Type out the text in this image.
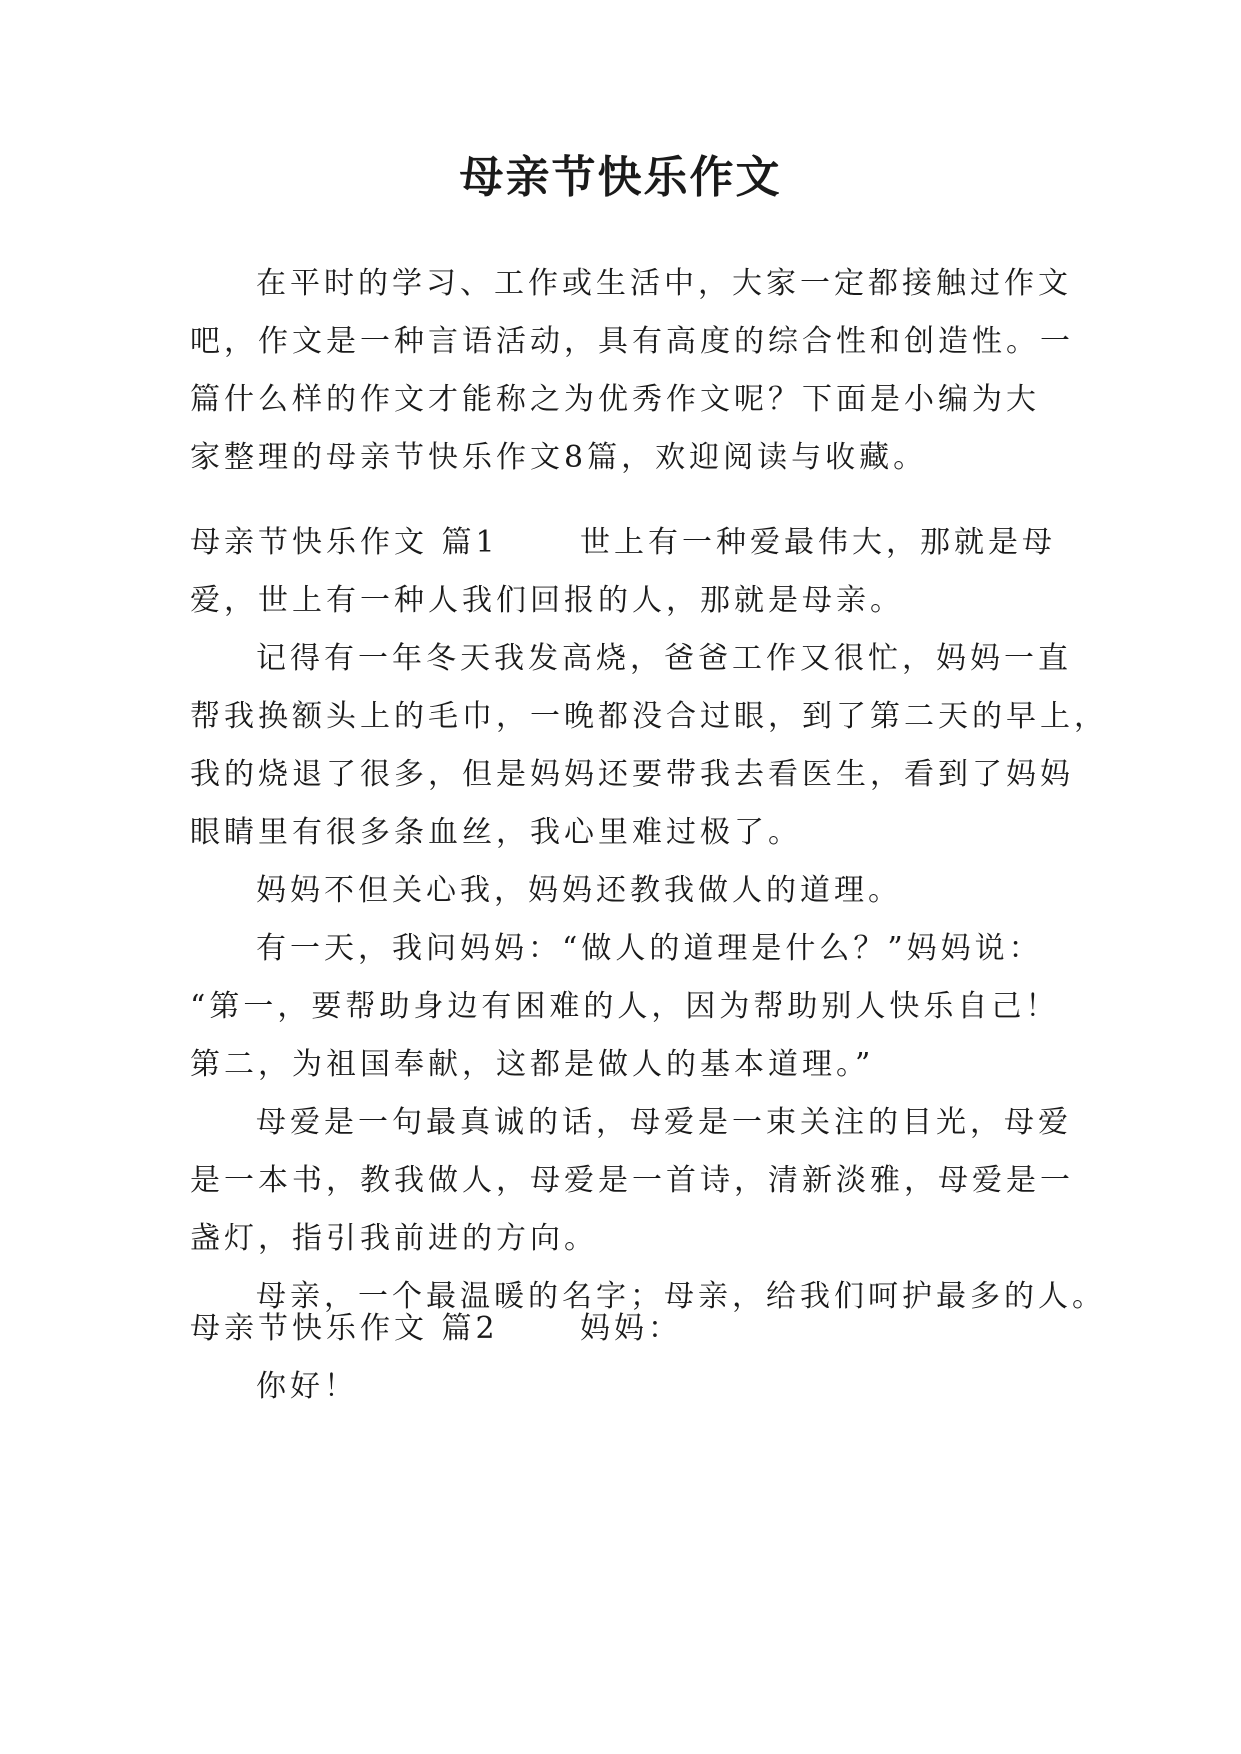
母亲节快乐作文
在平时的学习、工作或生活中，大家一定都接触过作文
吧，作文是一种言语活动，具有高度的综合性和创造性。一
篇什么样的作文才能称之为优秀作文呢？下面是小编为大
家整理的母亲节快乐作文8篇，欢迎阅读与收藏。
母亲节快乐作文 篇1	世上有一种爱最伟大，那就是母
爱，世上有一种人我们回报的人，那就是母亲。
记得有一年冬天我发高烧，爸爸工作又很忙，妈妈一直
帮我换额头上的毛巾，一晚都没合过眼，到了第二天的早上，
我的烧退了很多，但是妈妈还要带我去看医生，看到了妈妈
眼睛里有很多条血丝，我心里难过极了。
妈妈不但关心我，妈妈还教我做人的道理。
有一天，我问妈妈：“做人的道理是什么？”妈妈说：
“第一，要帮助身边有困难的人，因为帮助别人快乐自己！
第二，为祖国奉献，这都是做人的基本道理。”
母爱是一句最真诚的话，母爱是一束关注的目光，母爱
是一本书，教我做人，母爱是一首诗，清新淡雅，母爱是一
盏灯，指引我前进的方向。
母亲，一个最温暖的名字；母亲，给我们呵护最多的人。
母亲节快乐作文 篇2	妈妈：
你好！
